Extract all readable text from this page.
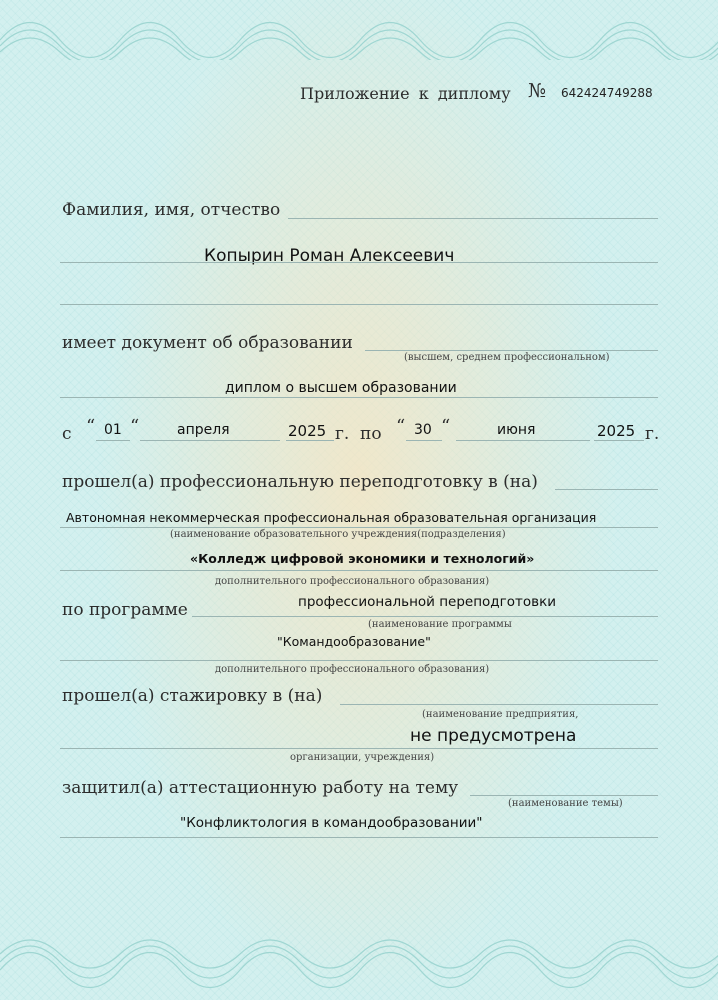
Приложение к диплому № 642424749288
Фамилия, имя, отчество
Копырин Роман Алексеевич
имеет документ об образовании
(высшем, среднем профессиональном)
диплом о высшем образовании
с “ 01 “	апреля	2025 г. по “ 30 “	июня	2025 г.
прошел(а) профессиональную переподготовку в (на)
Автономная некоммерческая профессиональная образовательная организация
(наименование образовательного учреждения(подразделения)
«Колледж цифровой экономики и технологий»
дополнительного профессионального образования)
по программе	профессиональной переподготовки
(наименование программы
"Командообразование"
дополнительного профессионального образования)
прошел(а) стажировку в (на)
(наименование предприятия,
не предусмотрена
организации, учреждения)
защитил(а) аттестационную работу на тему
(наименование темы)
"Конфликтология в командообразовании"
